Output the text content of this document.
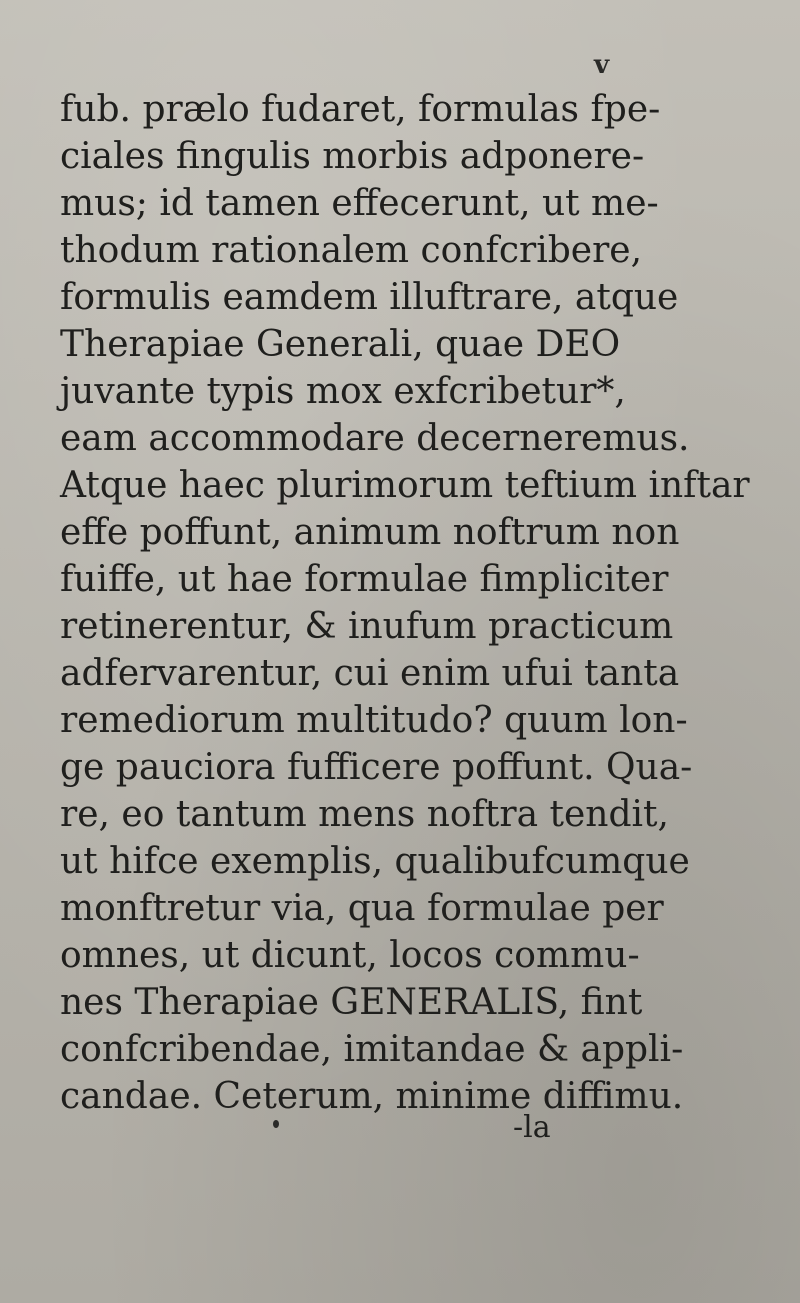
v
fub. prælo fudaret, formulas fpe-
ciales fingulis morbis adponere-
mus; id tamen effecerunt, ut me-
thodum rationalem confcribere,
formulis eamdem illuftrare, atque
Therapiae Generali, quae DEO
juvante typis mox exfcribetur*,
eam accommodare decerneremus.
Atque haec plurimorum teftium inftar
effe poffunt, animum noftrum non
fuiffe, ut hae formulae fimpliciter
retinerentur, & inufum practicum
adfervarentur, cui enim ufui tanta
remediorum multitudo? quum lon-
ge pauciora fufficere poffunt. Qua-
re, eo tantum mens noftra tendit,
ut hifce exemplis, qualibufcumque
monftretur via, qua formulae per
omnes, ut dicunt, locos commu-
nes Therapiae GENERALIS, fint
confcribendae, imitandae & appli-
candae. Ceterum, minime diffimu.
-la
